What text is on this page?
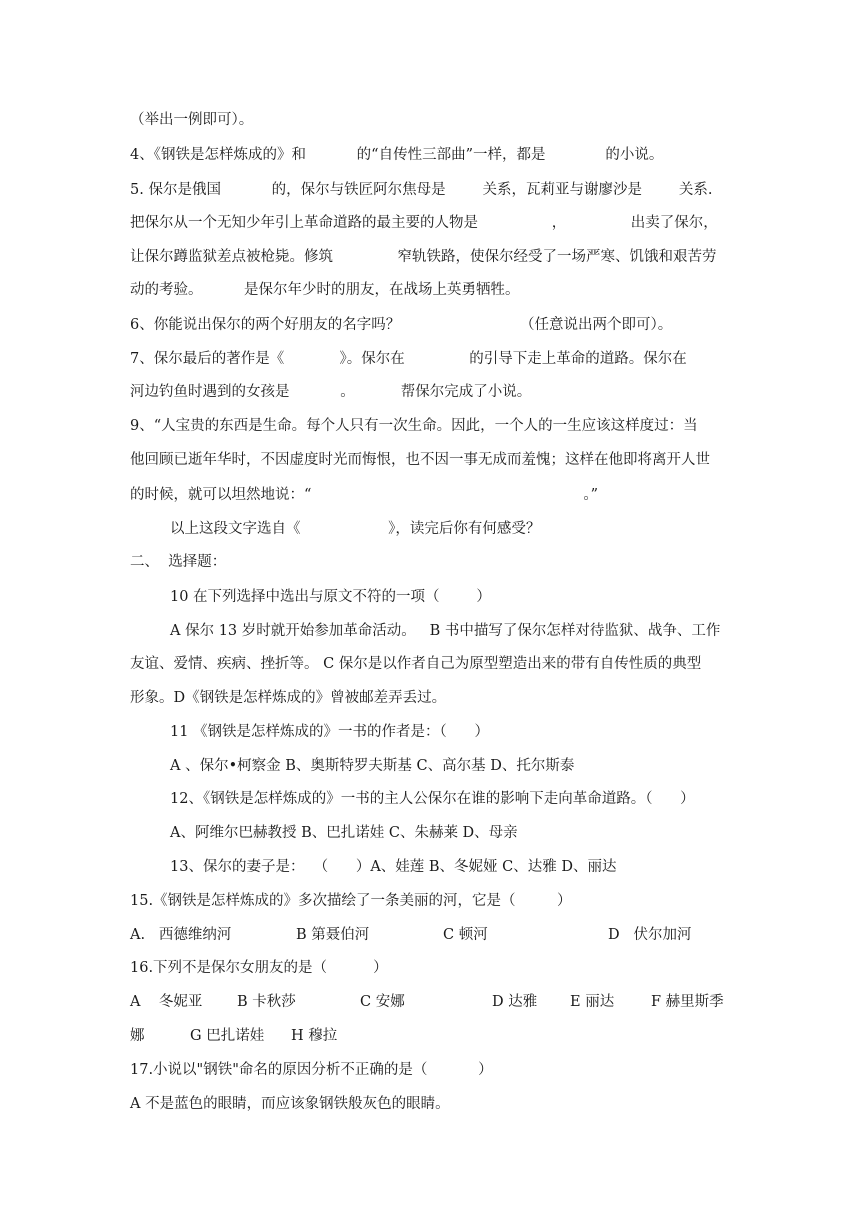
（举出一例即可）。
4、《钢铁是怎样炼成的》和           的“自传性三部曲”一样，都是             的小说。
5. 保尔是俄国           的，保尔与铁匠阿尔焦母是        关系，瓦莉亚与谢廖沙是        关系.
把保尔从一个无知少年引上革命道路的最主要的人物是                ，              出卖了保尔，
让保尔蹲监狱差点被枪毙。修筑              窄轨铁路，使保尔经受了一场严寒、饥饿和艰苦劳
动的考验。         是保尔年少时的朋友，在战场上英勇牺牲。
6、你能说出保尔的两个好朋友的名字吗？                          （任意说出两个即可）。
7、保尔最后的著作是《            》。保尔在              的引导下走上革命的道路。保尔在
河边钓鱼时遇到的女孩是           。          帮保尔完成了小说。
9、“人宝贵的东西是生命。每个人只有一次生命。因此，一个人的一生应该这样度过：当
他回顾已逝年华时，不因虚度时光而悔恨，也不因一事无成而羞愧；这样在他即将离开人世
的时候，就可以坦然地说：“                                                           。”
以上这段文字选自《                   》，读完后你有何感受？
二、  选择题：
10 在下列选择中选出与原文不符的一项（        ）
A 保尔 13 岁时就开始参加革命活动。   B 书中描写了保尔怎样对待监狱、战争、工作
友谊、爱情、疾病、挫折等。 C 保尔是以作者自己为原型塑造出来的带有自传性质的典型
形象。D《钢铁是怎样炼成的》曾被邮差弄丢过。
11 《钢铁是怎样炼成的》一书的作者是：（      ）
A 、保尔•柯察金 B、奥斯特罗夫斯基 C、高尔基 D、托尔斯泰
12、《钢铁是怎样炼成的》一书的主人公保尔在谁的影响下走向革命道路。（      ）
A、阿维尔巴赫教授 B、巴扎诺娃 C、朱赫莱 D、母亲
13、保尔的妻子是：  （      ）A、娃莲 B、冬妮娅 C、达雅 D、丽达
15.《钢铁是怎样炼成的》多次描绘了一条美丽的河，它是（         ）
A.   西德维纳河	B 第聂伯河	C 顿河	D   伏尔加河
16.下列不是保尔女朋友的是（          ）
A    冬妮亚 B 卡秋莎	C 安娜	D 达雅 E 丽达	F 赫里斯季
娜	G 巴扎诺娃 H 穆拉
17.小说以"钢铁"命名的原因分析不正确的是（           ）
A 不是蓝色的眼睛，而应该象钢铁般灰色的眼睛。
